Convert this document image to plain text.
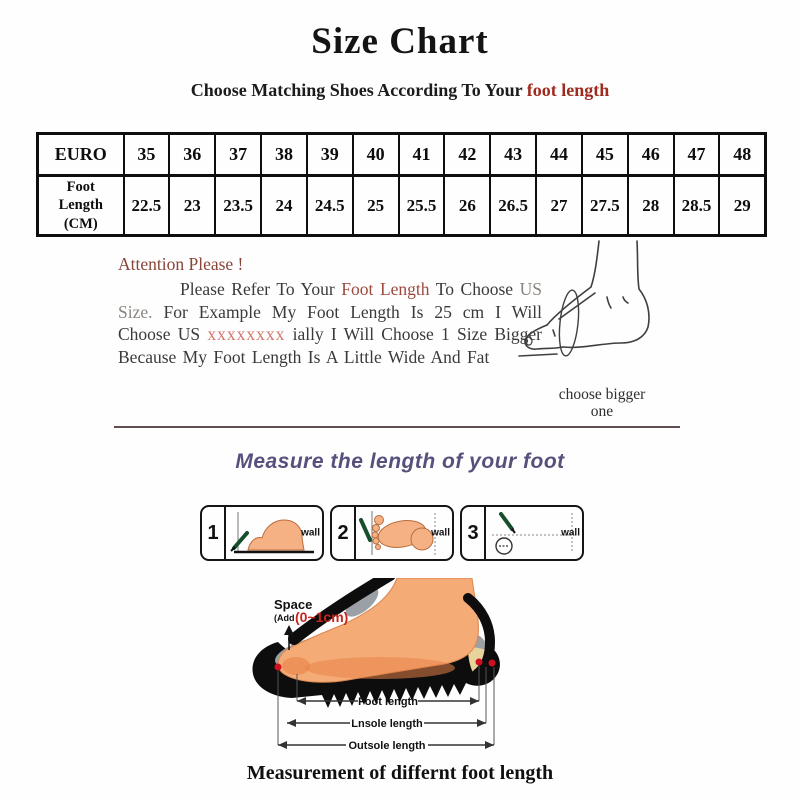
Size Chart
Choose Matching Shoes According To Your foot length
EURO	35	36	37	38	39	40	41	42	43	44	45	46	47	48
Foot Length (CM)	22.5	23	23.5	24	24.5	25	25.5	26	26.5	27	27.5	28	28.5	29
Attention Please !

Please Refer To Your Foot Length To Choose US Size. For Example My Foot Length Is 25 cm I Will Choose US xxxxxxxx ially I Will Choose 1 Size Bigger Because My Foot Length Is A Little Wide And Fat

choose bigger one
Measure the length of your foot
1	wall 2	wall 3	wall
Space
(Add (0~1cm)
Foot length
Lnsole length
Outsole length
Measurement of differnt foot length
